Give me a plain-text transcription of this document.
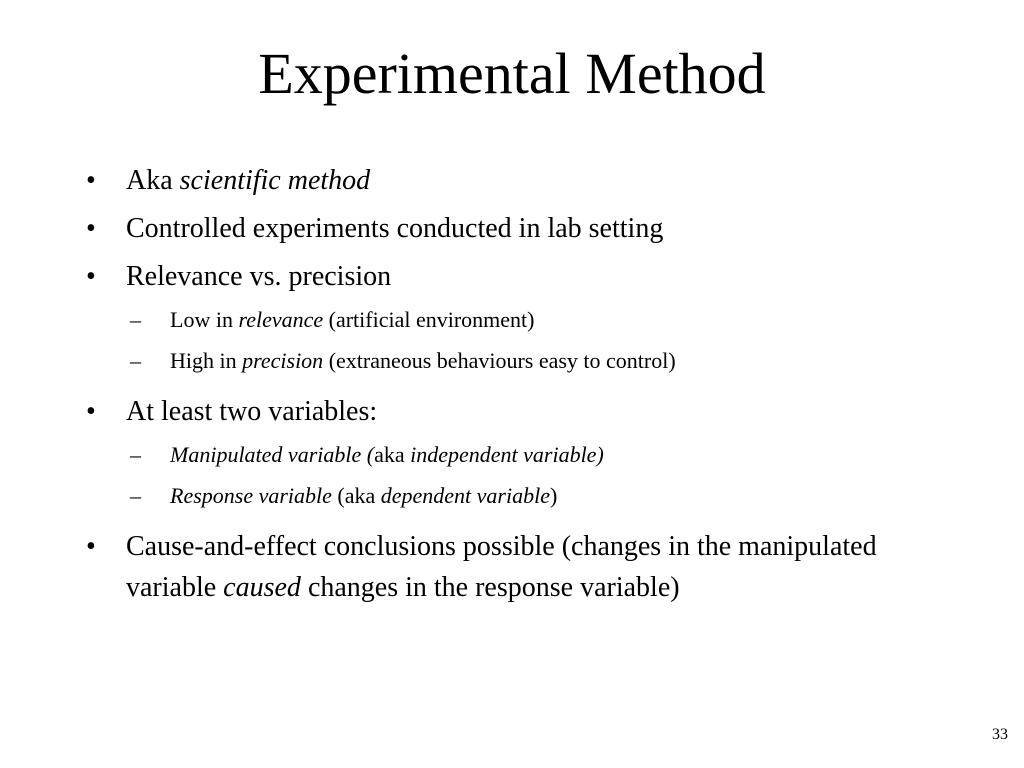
Experimental Method
•	Aka scientific method
•	Controlled experiments conducted in lab setting
•	Relevance vs. precision
–	Low in relevance (artificial environment)
–	High in precision (extraneous behaviours easy to control)
•	At least two variables:
–	Manipulated variable (aka independent variable)
–	Response variable (aka dependent variable)
•	Cause-and-effect conclusions possible (changes in the manipulated variable caused changes in the response variable)
33
